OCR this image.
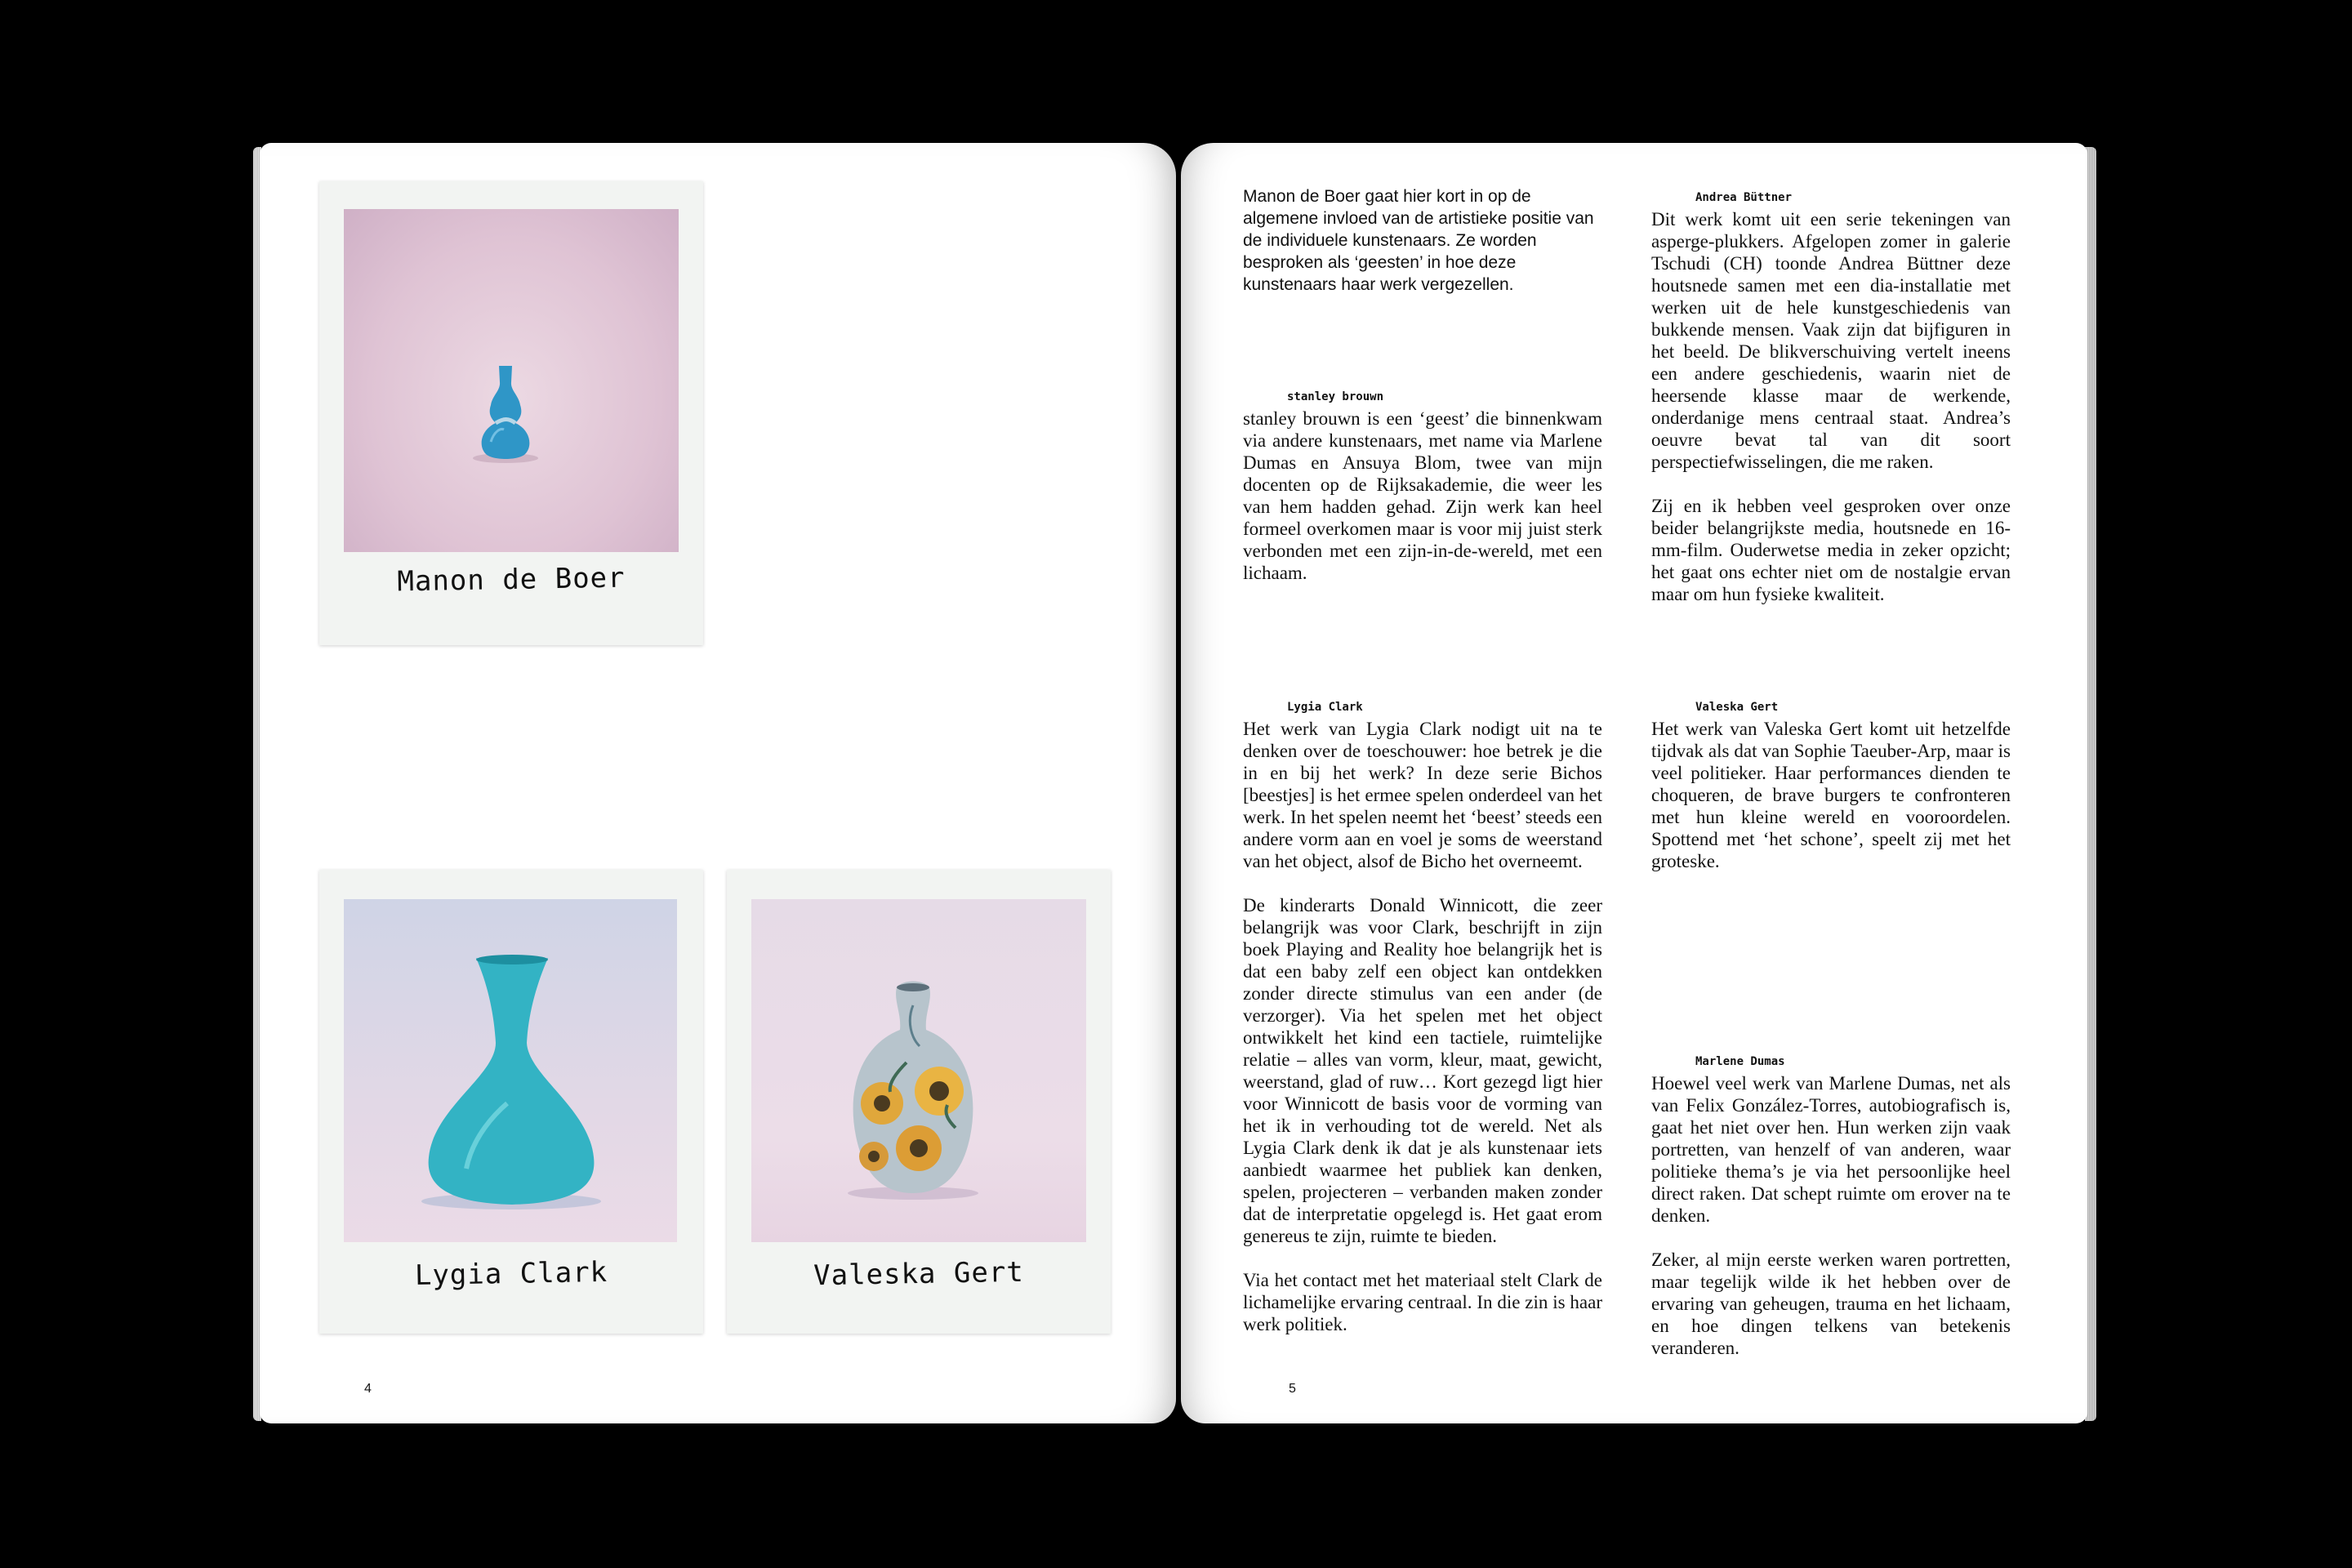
Manon de Boer
Lygia Clark	Valeska Gert
4

Manon de Boer gaat hier kort in op de algemene invloed van de artistieke positie van de individuele kunstenaars. Ze worden besproken als ‘geesten’ in hoe deze kunstenaars haar werk vergezellen.

stanley brouwn

stanley brouwn is een ‘geest’ die binnenkwam via andere kunstenaars, met name via Marlene Dumas en Ansuya Blom, twee van mijn docenten op de Rijksakademie, die weer les van hem hadden gehad. Zijn werk kan heel formeel overkomen maar is voor mij juist sterk verbonden met een zijn-in-de-wereld, met een lichaam.

Lygia Clark

Het werk van Lygia Clark nodigt uit na te denken over de toeschouwer: hoe betrek je die in en bij het werk? In deze serie Bichos [beestjes] is het ermee spelen onderdeel van het werk. In het spelen neemt het ‘beest’ steeds een andere vorm aan en voel je soms de weerstand van het object, alsof de Bicho het overneemt.

De kinderarts Donald Winnicott, die zeer belangrijk was voor Clark, beschrijft in zijn boek Playing and Reality hoe belangrijk het is dat een baby zelf een object kan ontdekken zonder directe stimulus van een ander (de verzorger). Via het spelen met het object ontwikkelt het kind een tactiele, ruimtelijke relatie – alles van vorm, kleur, maat, gewicht, weerstand, glad of ruw… Kort gezegd ligt hier voor Winnicott de basis voor de vorming van het ik in verhouding tot de wereld. Net als Lygia Clark denk ik dat je als kunstenaar iets aanbiedt waarmee het publiek kan denken, spelen, projecteren – verbanden maken zonder dat de interpretatie opgelegd is. Het gaat erom genereus te zijn, ruimte te bieden.

Via het contact met het materiaal stelt Clark de lichamelijke ervaring centraal. In die zin is haar werk politiek.

Andrea Büttner

Dit werk komt uit een serie tekeningen van asperge-plukkers. Afgelopen zomer in galerie Tschudi (CH) toonde Andrea Büttner deze houtsnede samen met een dia-installatie met werken uit de hele kunstgeschiedenis van bukkende mensen. Vaak zijn dat bijfiguren in het beeld. De blikverschuiving vertelt ineens een andere geschiedenis, waarin niet de heersende klasse maar de werkende, onderdanige mens centraal staat. Andrea’s oeuvre bevat tal van dit soort perspectiefwisselingen, die me raken.

Zij en ik hebben veel gesproken over onze beider belangrijkste media, houtsnede en 16-mm-film. Ouderwetse media in zeker opzicht; het gaat ons echter niet om de nostalgie ervan maar om hun fysieke kwaliteit.

Valeska Gert

Het werk van Valeska Gert komt uit hetzelfde tijdvak als dat van Sophie Taeuber-Arp, maar is veel politieker. Haar performances dienden te choqueren, de brave burgers te confronteren met hun kleine wereld en vooroordelen. Spottend met ‘het schone’, speelt zij met het groteske.

Marlene Dumas

Hoewel veel werk van Marlene Dumas, net als van Felix González-Torres, autobiografisch is, gaat het niet over hen. Hun werken zijn vaak portretten, van henzelf of van anderen, waar politieke thema’s je via het persoonlijke heel direct raken. Dat schept ruimte om erover na te denken.

Zeker, al mijn eerste werken waren portretten, maar tegelijk wilde ik het hebben over de ervaring van geheugen, trauma en het lichaam, en hoe dingen telkens van betekenis veranderen.

5
